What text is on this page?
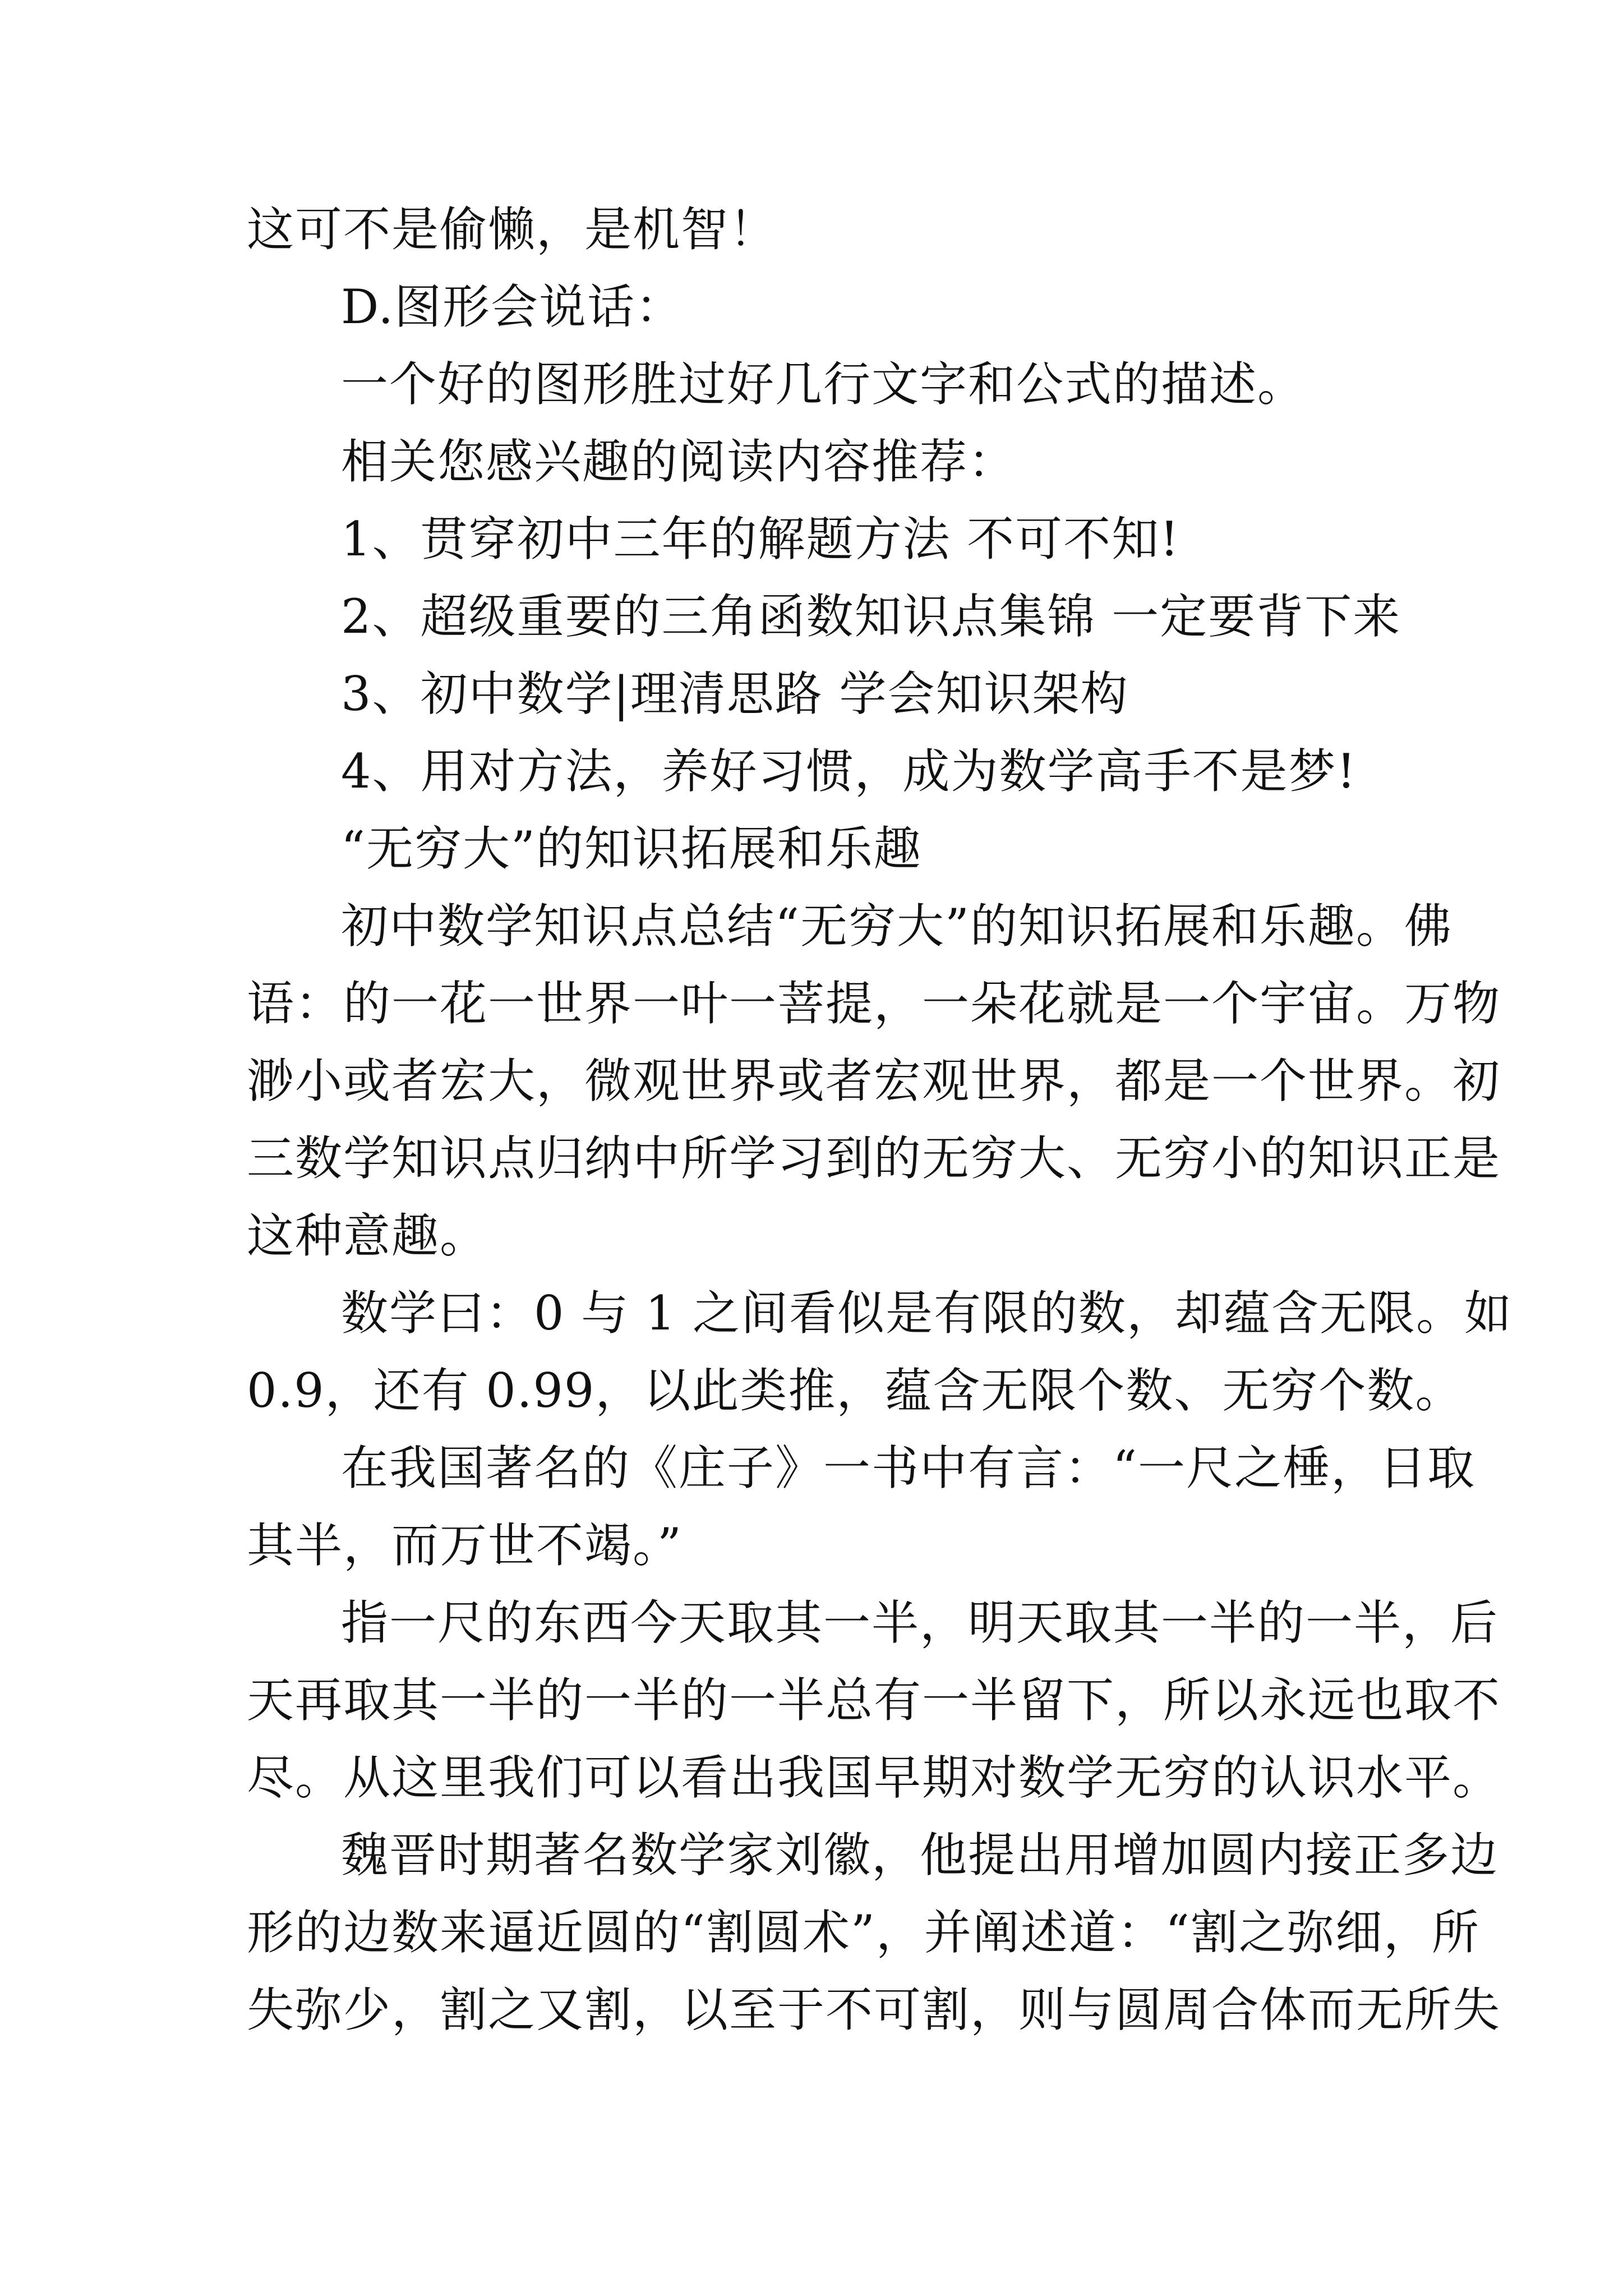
这可不是偷懒，是机智！
D.图形会说话：
一个好的图形胜过好几行文字和公式的描述。
相关您感兴趣的阅读内容推荐：
1、贯穿初中三年的解题方法 不可不知!
2、超级重要的三角函数知识点集锦 一定要背下来
3、初中数学|理清思路 学会知识架构
4、用对方法，养好习惯，成为数学高手不是梦!
“无穷大”的知识拓展和乐趣
初中数学知识点总结“无穷大”的知识拓展和乐趣。佛
语：的一花一世界一叶一菩提，一朵花就是一个宇宙。万物
渺小或者宏大，微观世界或者宏观世界，都是一个世界。初
三数学知识点归纳中所学习到的无穷大、无穷小的知识正是
这种意趣。
数学曰：0 与 1 之间看似是有限的数，却蕴含无限。如
0.9，还有 0.99，以此类推，蕴含无限个数、无穷个数。
在我国著名的《庄子》一书中有言：“一尺之棰，日取
其半，而万世不竭。”
指一尺的东西今天取其一半，明天取其一半的一半，后
天再取其一半的一半的一半总有一半留下，所以永远也取不
尽。从这里我们可以看出我国早期对数学无穷的认识水平。
魏晋时期著名数学家刘徽，他提出用增加圆内接正多边
形的边数来逼近圆的“割圆术”，并阐述道：“割之弥细，所
失弥少，割之又割，以至于不可割，则与圆周合体而无所失
